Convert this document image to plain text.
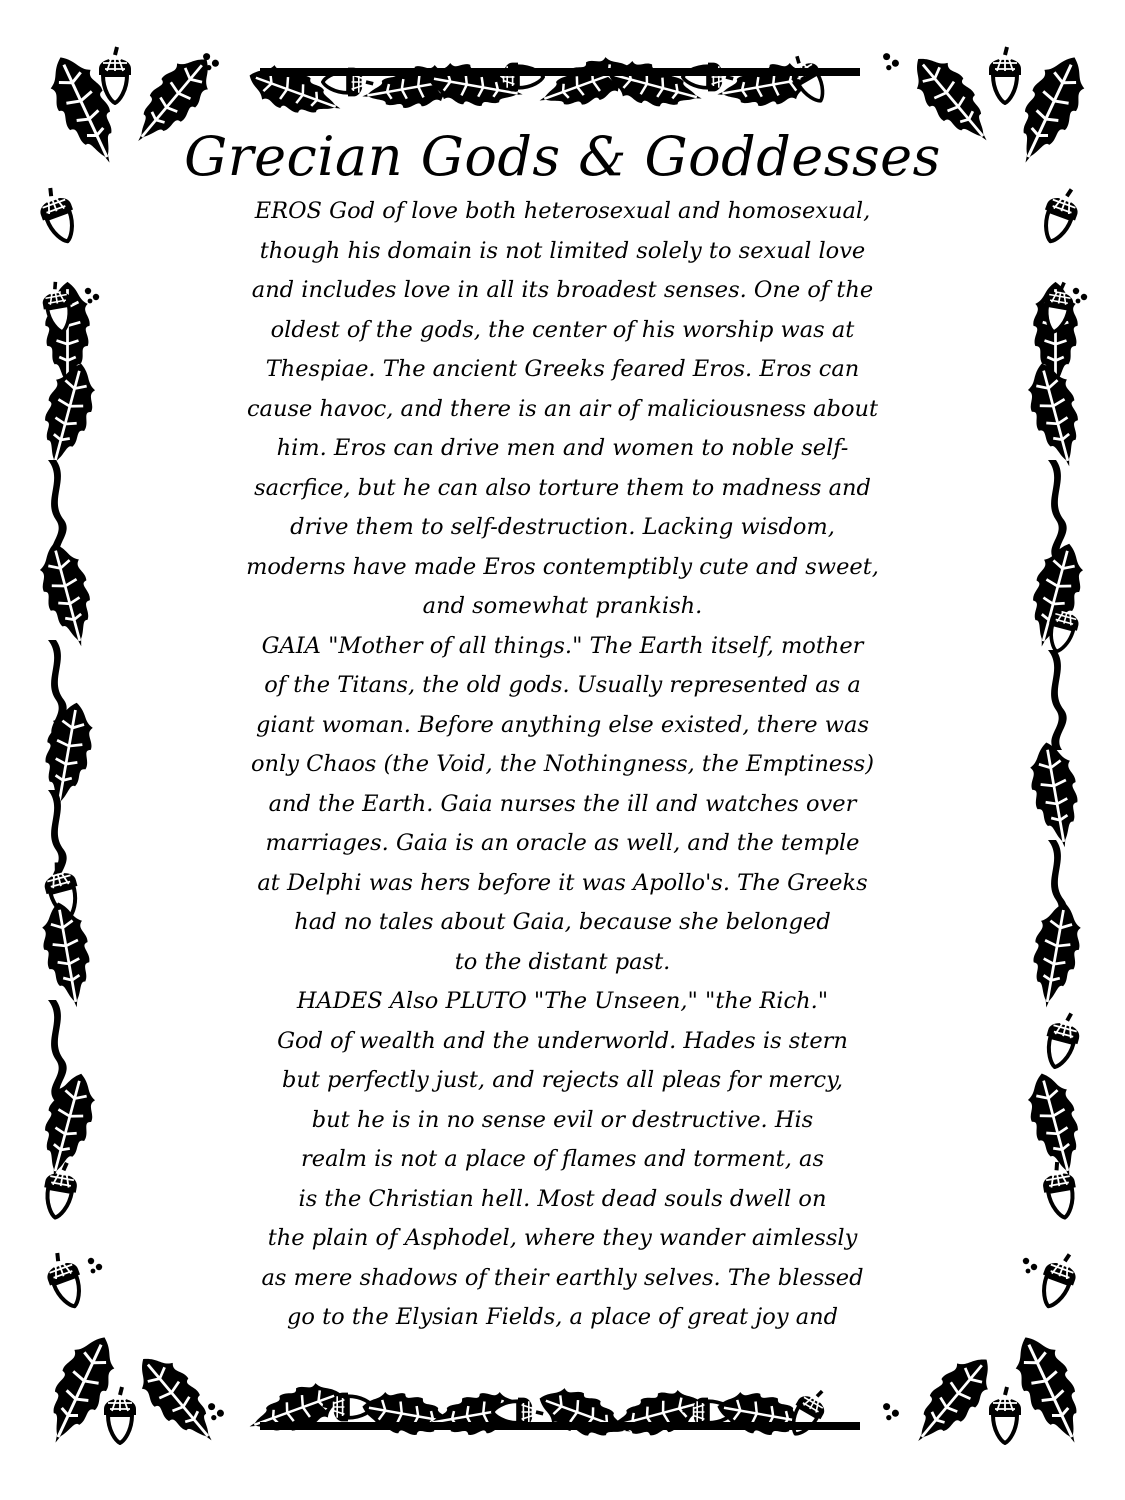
Grecian Gods & Goddesses
EROS God of love both heterosexual and homosexual,
though his domain is not limited solely to sexual love
and includes love in all its broadest senses. One of the
oldest of the gods, the center of his worship was at
Thespiae. The ancient Greeks feared Eros. Eros can
cause havoc, and there is an air of maliciousness about
him. Eros can drive men and women to noble self-
sacrfice, but he can also torture them to madness and
drive them to self-destruction. Lacking wisdom,
moderns have made Eros contemptibly cute and sweet,
and somewhat prankish.
GAIA "Mother of all things." The Earth itself, mother
of the Titans, the old gods. Usually represented as a
giant woman. Before anything else existed, there was
only Chaos (the Void, the Nothingness, the Emptiness)
and the Earth. Gaia nurses the ill and watches over
marriages. Gaia is an oracle as well, and the temple
at Delphi was hers before it was Apollo's. The Greeks
had no tales about Gaia, because she belonged
to the distant past.
HADES Also PLUTO "The Unseen," "the Rich."
God of wealth and the underworld. Hades is stern
but perfectly just, and rejects all pleas for mercy,
but he is in no sense evil or destructive. His
realm is not a place of flames and torment, as
is the Christian hell. Most dead souls dwell on
the plain of Asphodel, where they wander aimlessly
as mere shadows of their earthly selves. The blessed
go to the Elysian Fields, a place of great joy and
